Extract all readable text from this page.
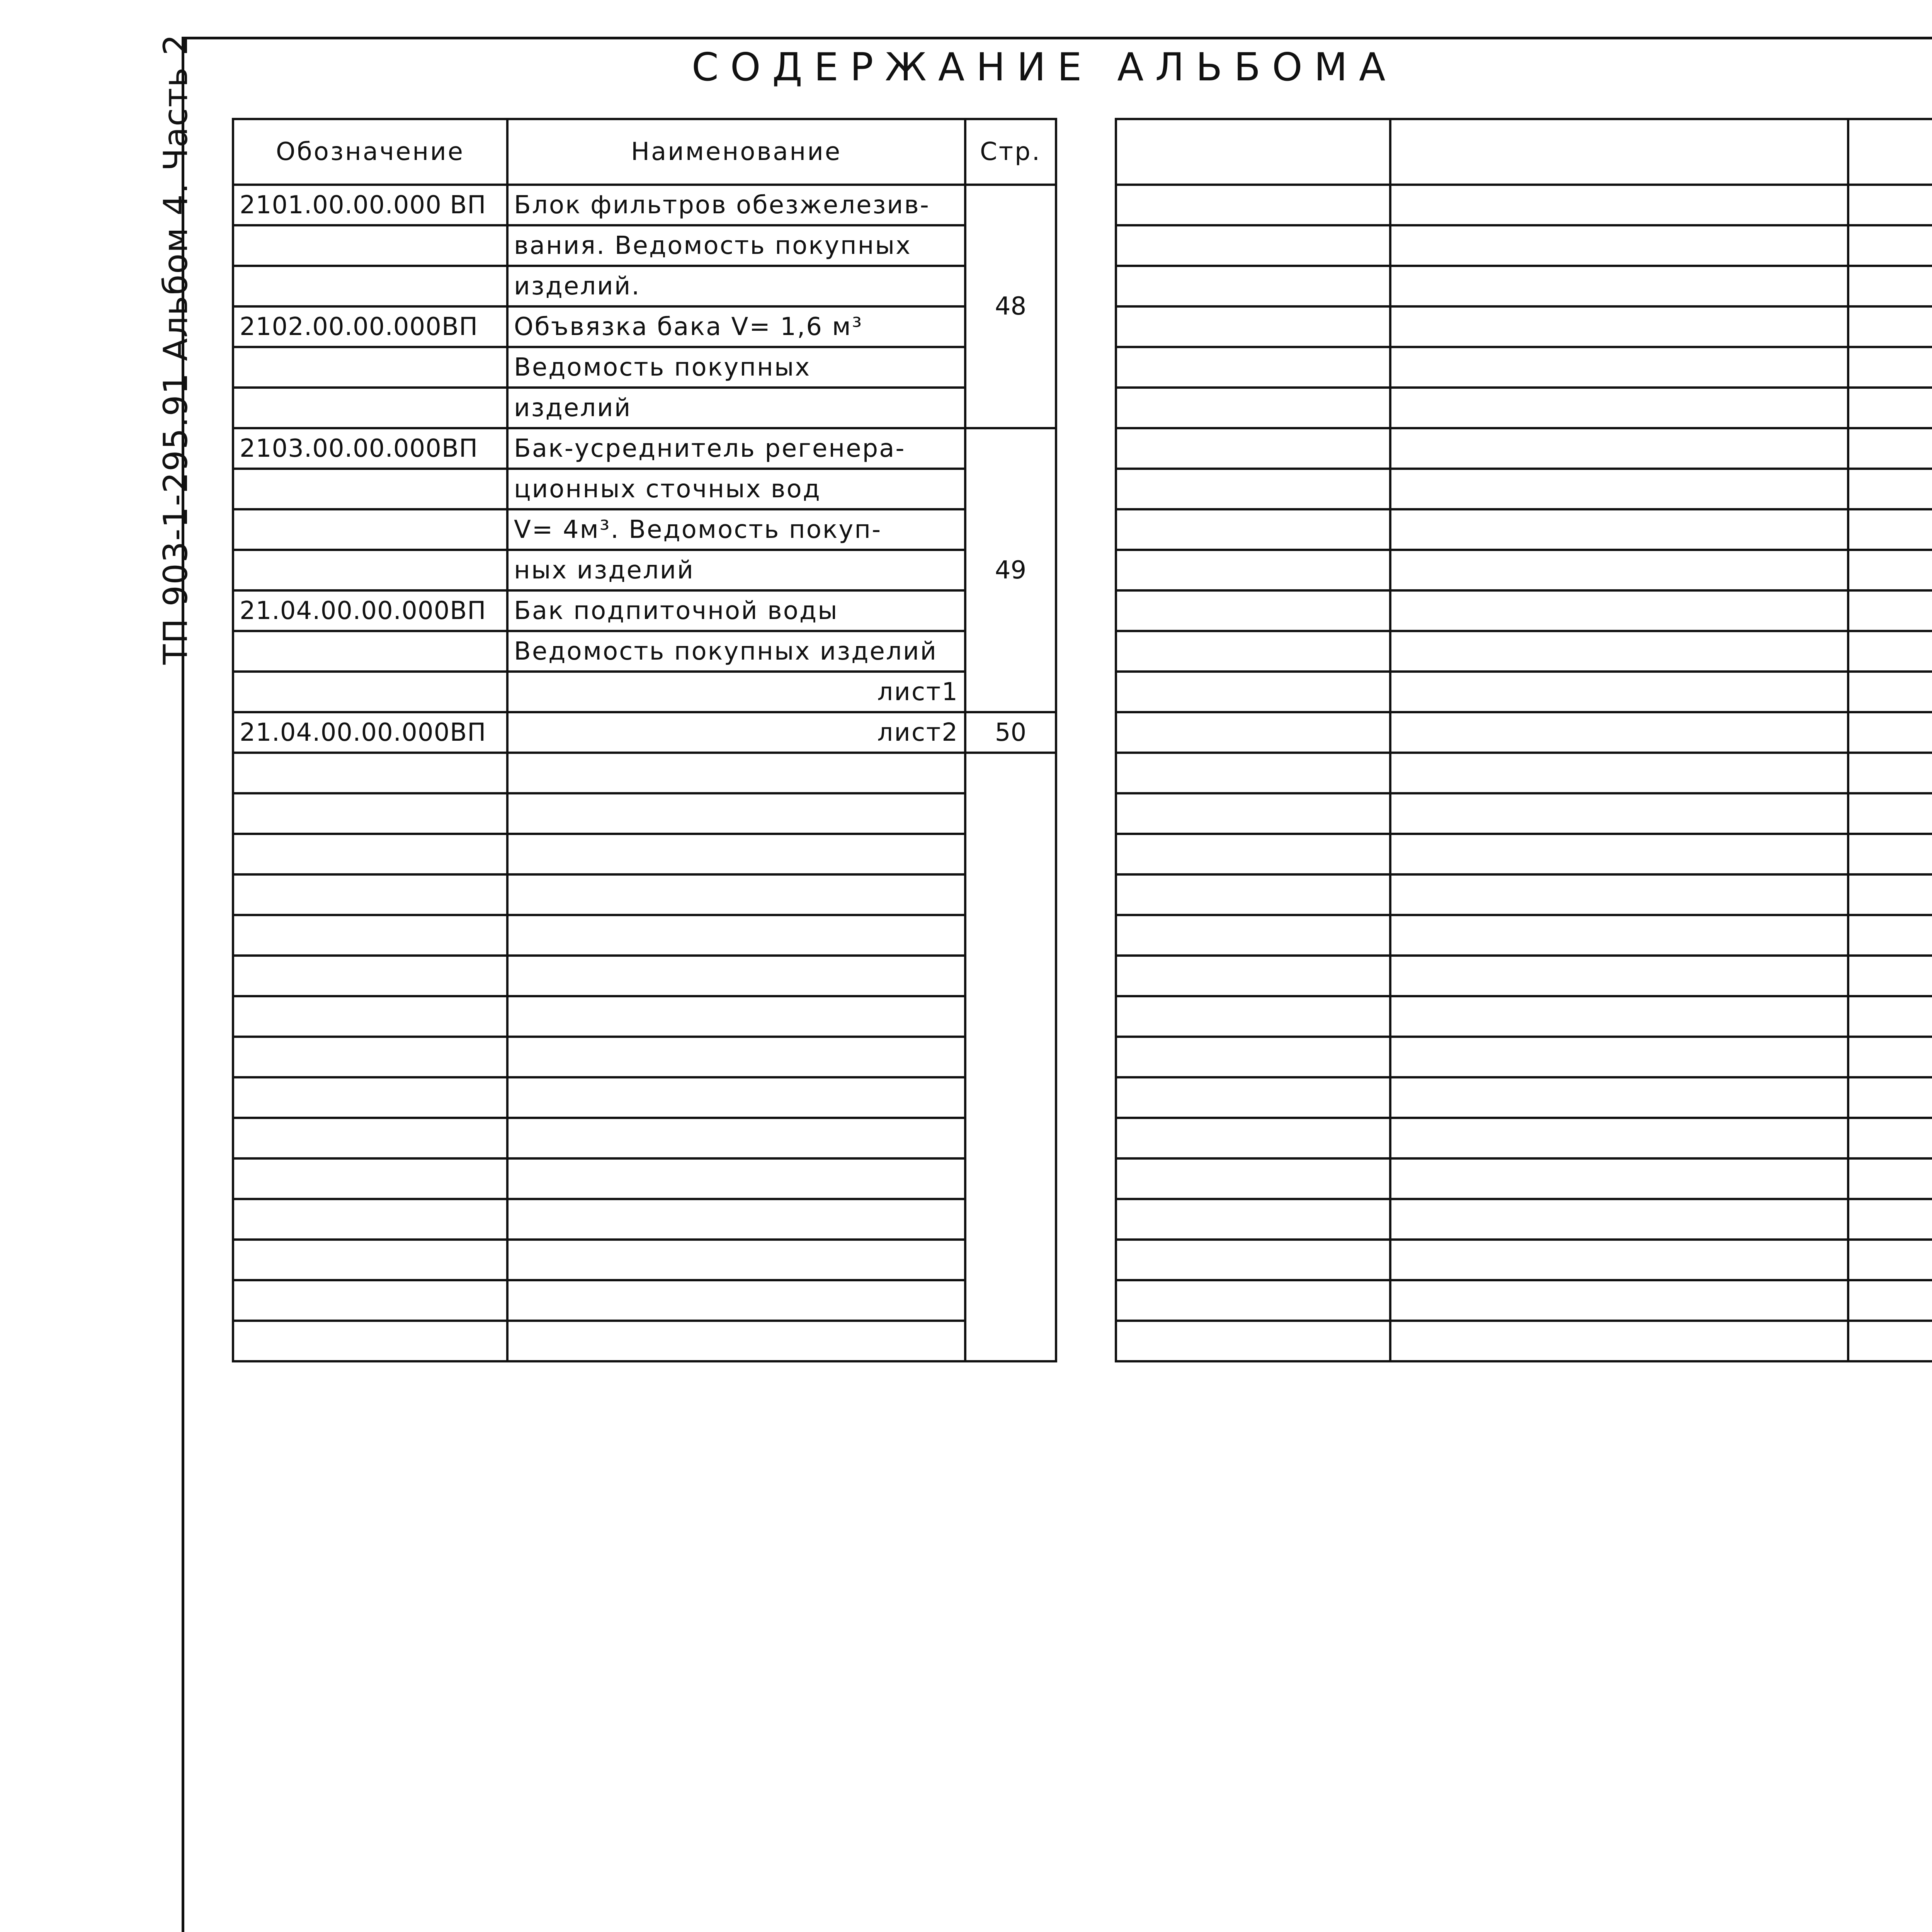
ТП 903-1-295.91 Альбом 4. Часть 2	СОДЕРЖАНИЕ АЛЬБОМА
Обозначение	Наименование	Стр.
2101.00.00.000 ВП	Блок фильтров обезжелезив-	48
	вания. Ведомость покупных	
	изделий.	
2102.00.00.000ВП	Объвязка бака V= 1,6 м³	
	Ведомость покупных	
	изделий	
2103.00.00.000ВП	Бак-усреднитель регенера-	49
	ционных сточных вод	
	V= 4м³. Ведомость покуп-	
	ных изделий	
21.04.00.00.000ВП	Бак подпиточной воды	
	Ведомость покупных изделий	
	лист1	
21.04.00.00.000ВП	лист2	50
